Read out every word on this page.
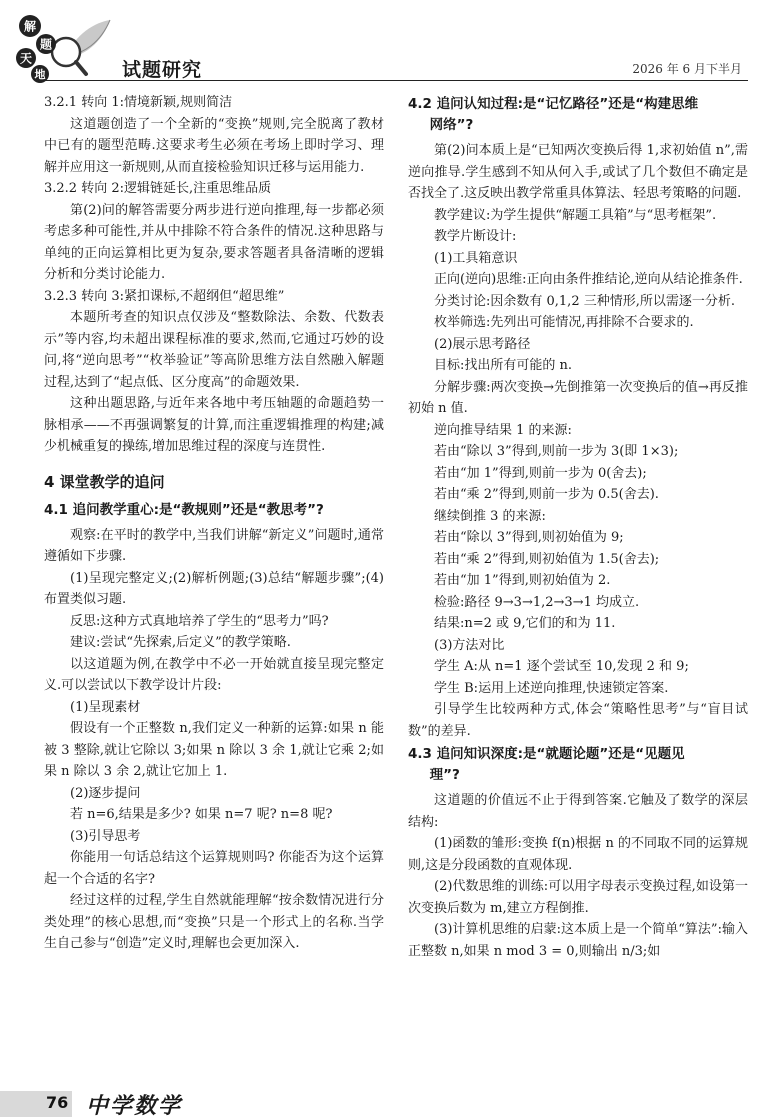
解
题
天
地	试题研究	2026 年 6 月下半月

3.2.1 转向 1:情境新颖,规则简洁

这道题创造了一个全新的“变换”规则,完全脱离了教材中已有的题型范畴.这要求考生必须在考场上即时学习、理解并应用这一新规则,从而直接检验知识迁移与运用能力.

3.2.2 转向 2:逻辑链延长,注重思维品质

第(2)问的解答需要分两步进行逆向推理,每一步都必须考虑多种可能性,并从中排除不符合条件的情况.这种思路与单纯的正向运算相比更为复杂,要求答题者具备清晰的逻辑分析和分类讨论能力.

3.2.3 转向 3:紧扣课标,不超纲但“超思维”

本题所考查的知识点仅涉及“整数除法、余数、代数表示”等内容,均未超出课程标准的要求,然而,它通过巧妙的设问,将“逆向思考”“枚举验证”等高阶思维方法自然融入解题过程,达到了“起点低、区分度高”的命题效果.

这种出题思路,与近年来各地中考压轴题的命题趋势一脉相承——不再强调繁复的计算,而注重逻辑推理的构建;减少机械重复的操练,增加思维过程的深度与连贯性.

4 课堂教学的追问
4.1 追问教学重心:是“教规则”还是“教思考”?

观察:在平时的教学中,当我们讲解“新定义”问题时,通常遵循如下步骤.

(1)呈现完整定义;(2)解析例题;(3)总结“解题步骤”;(4)布置类似习题.

反思:这种方式真地培养了学生的“思考力”吗?

建议:尝试“先探索,后定义”的教学策略.

以这道题为例,在教学中不必一开始就直接呈现完整定义.可以尝试以下教学设计片段:

(1)呈现素材

假设有一个正整数 n,我们定义一种新的运算:如果 n 能被 3 整除,就让它除以 3;如果 n 除以 3 余 1,就让它乘 2;如果 n 除以 3 余 2,就让它加上 1.

(2)逐步提问

若 n=6,结果是多少? 如果 n=7 呢? n=8 呢?

(3)引导思考

你能用一句话总结这个运算规则吗? 你能否为这个运算起一个合适的名字?

经过这样的过程,学生自然就能理解“按余数情况进行分类处理”的核心思想,而“变换”只是一个形式上的名称.当学生自己参与“创造”定义时,理解也会更加深入.

4.2 追问认知过程:是“记忆路径”还是“构建思维
网络”?

第(2)问本质上是“已知两次变换后得 1,求初始值 n”,需逆向推导.学生感到不知从何入手,或试了几个数但不确定是否找全了.这反映出教学常重具体算法、轻思考策略的问题.

教学建议:为学生提供“解题工具箱”与“思考框架”.

教学片断设计:

(1)工具箱意识

正向(逆向)思维:正向由条件推结论,逆向从结论推条件.

分类讨论:因余数有 0,1,2 三种情形,所以需逐一分析.

枚举筛选:先列出可能情况,再排除不合要求的.

(2)展示思考路径

目标:找出所有可能的 n.

分解步骤:两次变换→先倒推第一次变换后的值→再反推初始 n 值.

逆向推导结果 1 的来源:

若由“除以 3”得到,则前一步为 3(即 1×3);

若由“加 1”得到,则前一步为 0(舍去);

若由“乘 2”得到,则前一步为 0.5(舍去).

继续倒推 3 的来源:

若由“除以 3”得到,则初始值为 9;

若由“乘 2”得到,则初始值为 1.5(舍去);

若由“加 1”得到,则初始值为 2.

检验:路径 9→3→1,2→3→1 均成立.

结果:n=2 或 9,它们的和为 11.

(3)方法对比

学生 A:从 n=1 逐个尝试至 10,发现 2 和 9;

学生 B:运用上述逆向推理,快速锁定答案.

引导学生比较两种方式,体会“策略性思考”与“盲目试数”的差异.

4.3 追问知识深度:是“就题论题”还是“见题见
理”?

这道题的价值远不止于得到答案.它触及了数学的深层结构:

(1)函数的雏形:变换 f(n)根据 n 的不同取不同的运算规则,这是分段函数的直观体现.

(2)代数思维的训练:可以用字母表示变换过程,如设第一次变换后数为 m,建立方程倒推.

(3)计算机思维的启蒙:这本质上是一个简单“算法”:输入正整数 n,如果 n mod 3 = 0,则输出 n/3;如

76 中学数学
